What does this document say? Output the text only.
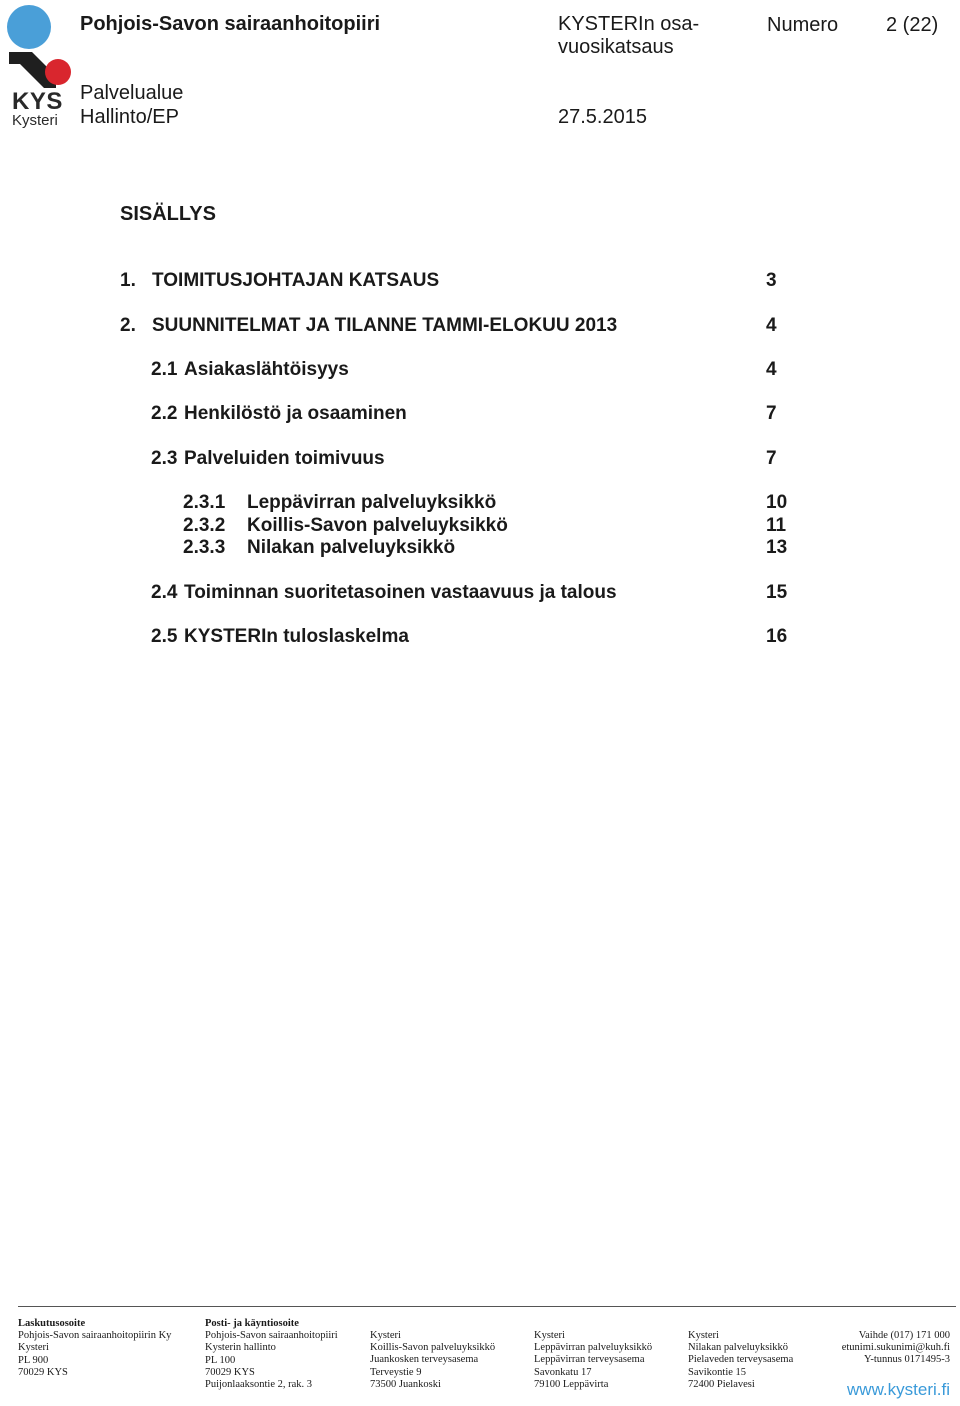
KYS
Kysteri
Pohjois-Savon sairaanhoitopiiri	KYSTERIn osa-vuosikatsaus
Numero 2 (22)
Palvelualue
Hallinto/EP	27.5.2015
SISÄLLYS
1. TOIMITUSJOHTAJAN KATSAUS	3
2. SUUNNITELMAT JA TILANNE TAMMI-ELOKUU 2013	4
2.1 Asiakaslähtöisyys	4
2.2 Henkilöstö ja osaaminen	7
2.3 Palveluiden toimivuus	7
2.3.1 Leppävirran palveluyksikkö	10
2.3.2 Koillis-Savon palveluyksikkö	11
2.3.3 Nilakan palveluyksikkö	13
2.4 Toiminnan suoritetasoinen vastaavuus ja talous	15
2.5 KYSTERIn tuloslaskelma	16
Laskutusosoite
Pohjois-Savon sairaanhoitopiirin Ky
Kysteri
PL 900
70029 KYS
Posti- ja käyntiosoite
Pohjois-Savon sairaanhoitopiiri
Kysterin hallinto
PL 100
70029 KYS
Puijonlaaksontie 2, rak. 3
Kysteri
Koillis-Savon palveluyksikkö
Juankosken terveysasema
Terveystie 9
73500 Juankoski
Kysteri
Leppävirran palveluyksikkö
Leppävirran terveysasema
Savonkatu 17
79100 Leppävirta
Kysteri
Nilakan palveluyksikkö
Pielaveden terveysasema
Savikontie 15
72400 Pielavesi
Vaihde (017) 171 000
etunimi.sukunimi@kuh.fi
Y-tunnus 0171495-3
www.kysteri.fi
